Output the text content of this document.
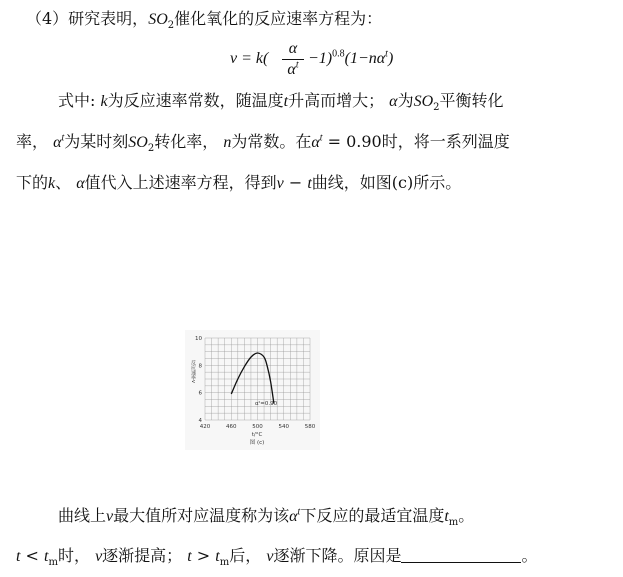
（4）研究表明，$SO_2$催化氧化的反应速率方程为：
v = k(
α
$\alpha^t -1)^{0.8}(1-n\alpha^t)$
式中: k为反应速率常数，随温度t升高而增大； α为$SO_2$平衡转化
率， $\alpha^t$为某时刻$SO_2$转化率， n为常数。在$\alpha^t = 0.90$时，将一系列温度
下的k、 α值代入上述速率方程，得到v − t曲线，如图(c)所示。
4
6
8
10
420	460	500	540	580
αᵗ=0.90
t/°C
图 (c)
反应速率v
曲线上v最大值所对应温度称为该$\alpha^t$下反应的最适宜温度$t_m$。
$t < t_m$时， v逐渐提高； $t > t_m$后， v逐渐下降。原因是	。
